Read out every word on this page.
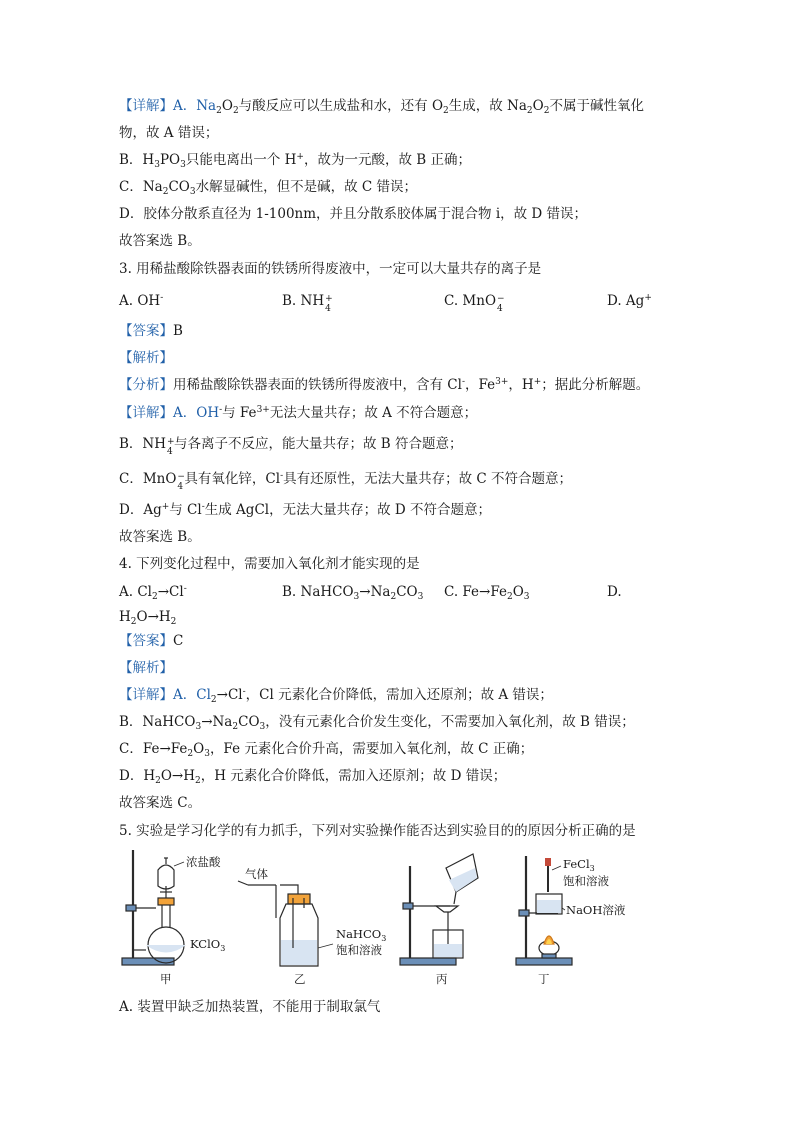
【详解】A．$Na_2O_2$与酸反应可以生成盐和水，还有 $O_2$生成，故 $Na_2O_2$不属于碱性氧化
物，故 A 错误；
B．$H_3PO_3$只能电离出一个 H+，故为一元酸，故 B 正确；
C．$Na_2CO_3$水解显碱性，但不是碱，故 C 错误；
D．胶体分散系直径为 1-100nm，并且分散系胶体属于混合物 i，故 D 错误；
故答案选 B。
3. 用稀盐酸除铁器表面的铁锈所得废液中，一定可以大量共存的离子是
A. OH-	B. NH +
4	C. MnO −
4	D. Ag+
【答案】B
【解析】
【分析】用稀盐酸除铁器表面的铁锈所得废液中，含有 Cl-，$Fe^{3+}$，H+；据此分析解题。
【详解】A．OH-与 $Fe^{3+}$无法大量共存；故 A 不符合题意；
B．NH +
4 与各离子不反应，能大量共存；故 B 符合题意；
C．MnO −
4 具有氧化锌，Cl-具有还原性，无法大量共存；故 C 不符合题意；
D．Ag+与 Cl-生成 AgCl，无法大量共存；故 D 不符合题意；
故答案选 B。
4. 下列变化过程中，需要加入氧化剂才能实现的是
A. $Cl_2\to Cl^-$	B. $NaHCO_3\to Na_2CO_3$ C. $Fe\to Fe_2O_3$	D.
$H_2O\to H_2$
【答案】C
【解析】
【详解】A．$Cl_2\to Cl^-$，Cl 元素化合价降低，需加入还原剂；故 A 错误；
B．$NaHCO_3\to Na_2CO_3$，没有元素化合价发生变化，不需要加入氧化剂，故 B 错误；
C．$Fe\to Fe_2O_3$，Fe 元素化合价升高，需要加入氧化剂，故 C 正确；
D．$H_2O\to H_2$，H 元素化合价降低，需加入还原剂；故 D 错误；
故答案选 C。
5. 实验是学习化学的有力抓手，下列对实验操作能否达到实验目的的原因分析正确的是
浓盐酸
KClO$_3$
甲
气体
NaHCO$_3$
饱和溶液
乙	丙
FeCl$_3$
饱和溶液
NaOH溶液
丁
A. 装置甲缺乏加热装置，不能用于制取氯气
